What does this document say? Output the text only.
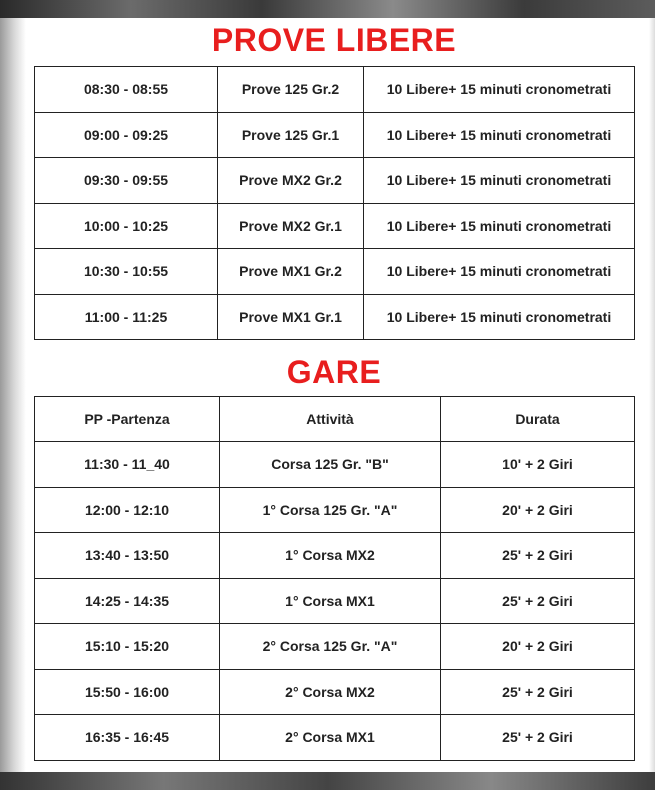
PROVE LIBERE
08:30 - 08:55	Prove 125 Gr.2	10 Libere+ 15 minuti cronometrati
09:00 - 09:25	Prove 125 Gr.1	10 Libere+ 15 minuti cronometrati
09:30 - 09:55	Prove MX2 Gr.2	10 Libere+ 15 minuti cronometrati
10:00 - 10:25	Prove MX2 Gr.1	10 Libere+ 15 minuti cronometrati
10:30 - 10:55	Prove MX1 Gr.2	10 Libere+ 15 minuti cronometrati
11:00 - 11:25	Prove MX1 Gr.1	10 Libere+ 15 minuti cronometrati
GARE
PP -Partenza	Attività	Durata
11:30 - 11_40	Corsa 125 Gr. "B"	10' + 2 Giri
12:00 - 12:10	1° Corsa 125 Gr. "A"	20' + 2 Giri
13:40 - 13:50	1° Corsa MX2	25' + 2 Giri
14:25 - 14:35	1° Corsa MX1	25' + 2 Giri
15:10 - 15:20	2° Corsa 125 Gr. "A"	20' + 2 Giri
15:50 - 16:00	2° Corsa MX2	25' + 2 Giri
16:35 - 16:45	2° Corsa MX1	25' + 2 Giri
